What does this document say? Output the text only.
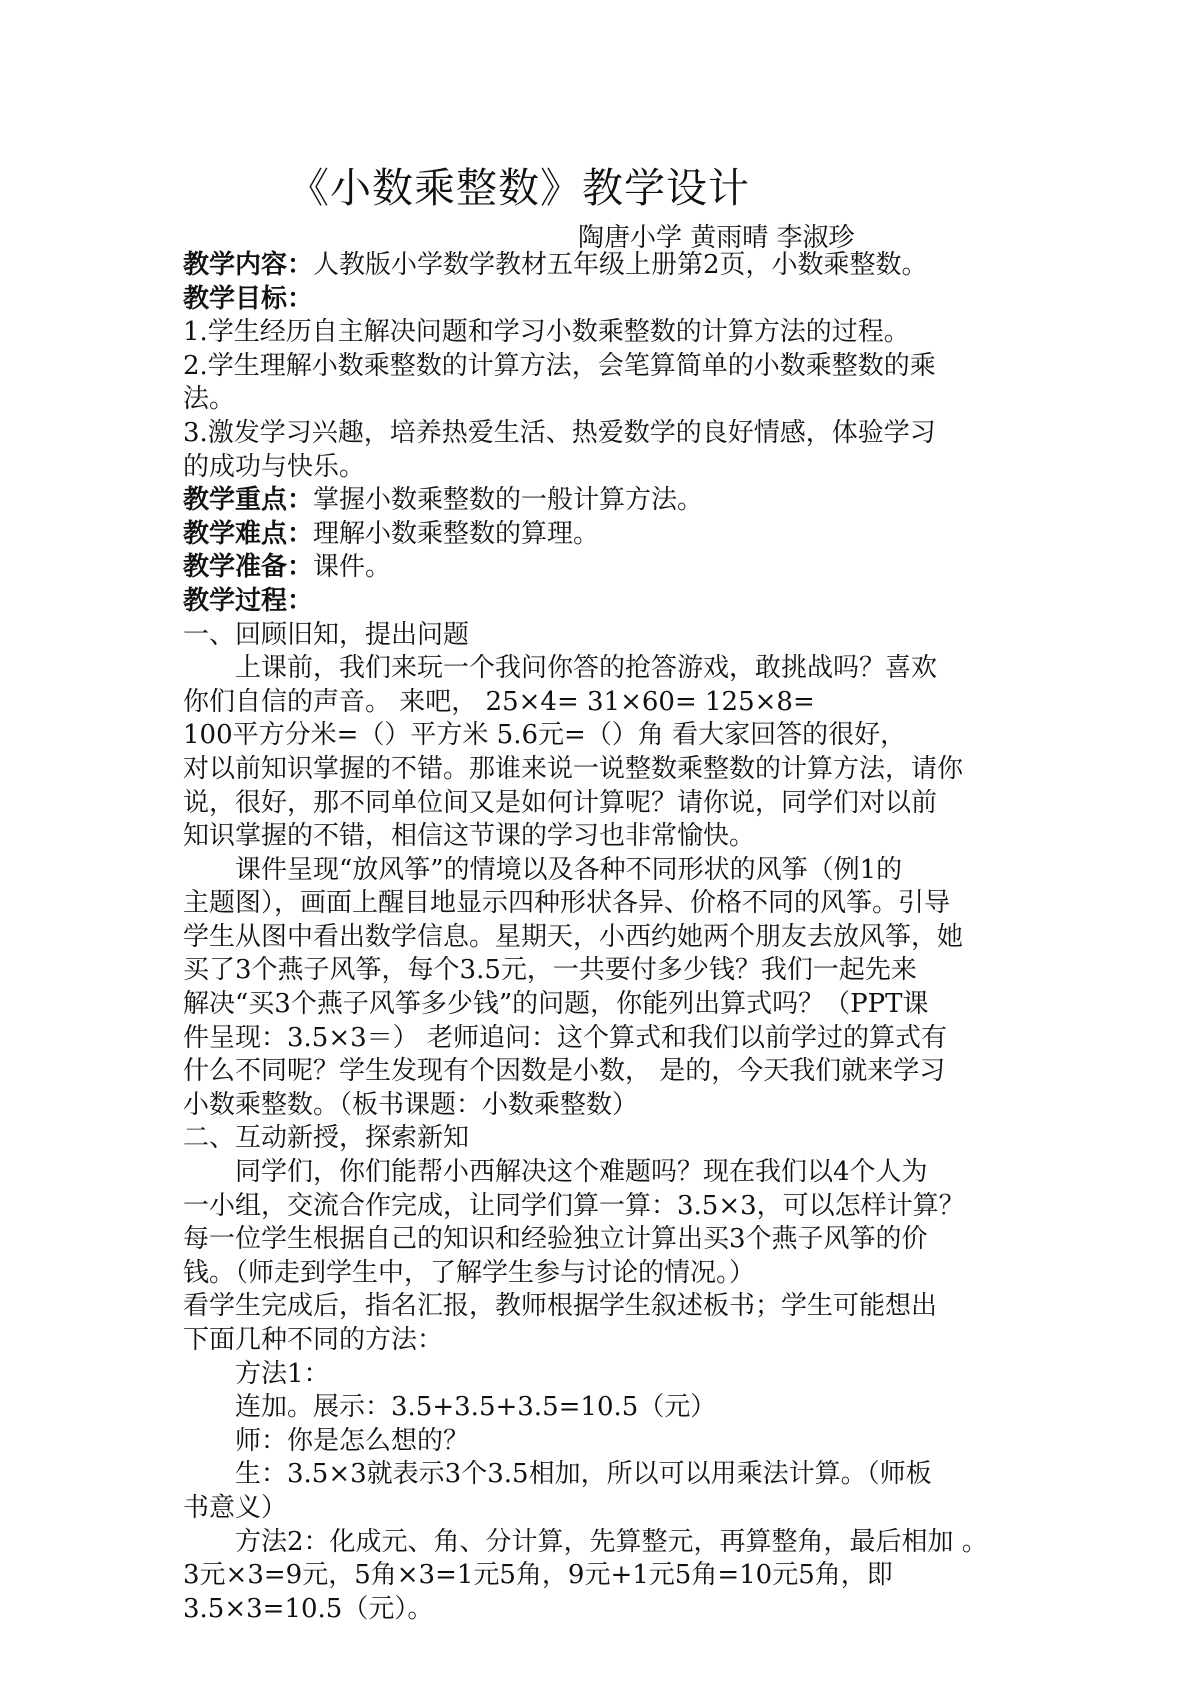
《小数乘整数》教学设计
陶唐小学 黄雨晴 李淑珍

教学内容：人教版小学数学教材五年级上册第2页，小数乘整数。

教学目标：

1.学生经历自主解决问题和学习小数乘整数的计算方法的过程。

2.学生理解小数乘整数的计算方法，会笔算简单的小数乘整数的乘

法。

3.激发学习兴趣，培养热爱生活、热爱数学的良好情感，体验学习

的成功与快乐。

教学重点：掌握小数乘整数的一般计算方法。

教学难点：理解小数乘整数的算理。

教学准备：课件。

教学过程：

一、回顾旧知，提出问题

上课前，我们来玩一个我问你答的抢答游戏，敢挑战吗？喜欢

你们自信的声音。 来吧， 25×4= 31×60= 125×8=

100平方分米=（）平方米 5.6元=（）角 看大家回答的很好，

对以前知识掌握的不错。那谁来说一说整数乘整数的计算方法，请你

说，很好，那不同单位间又是如何计算呢？请你说，同学们对以前

知识掌握的不错，相信这节课的学习也非常愉快。

课件呈现“放风筝”的情境以及各种不同形状的风筝（例1的

主题图），画面上醒目地显示四种形状各异、价格不同的风筝。引导

学生从图中看出数学信息。星期天，小西约她两个朋友去放风筝，她

买了3个燕子风筝，每个3.5元，一共要付多少钱？我们一起先来

解决“买3个燕子风筝多少钱”的问题，你能列出算式吗？（PPT课

件呈现：3.5×3＝） 老师追问：这个算式和我们以前学过的算式有

什么不同呢？学生发现有个因数是小数， 是的，今天我们就来学习

小数乘整数。（板书课题：小数乘整数）

二、互动新授，探索新知

同学们，你们能帮小西解决这个难题吗？现在我们以4个人为

一小组，交流合作完成，让同学们算一算：3.5×3，可以怎样计算？

每一位学生根据自己的知识和经验独立计算出买3个燕子风筝的价

钱。（师走到学生中，了解学生参与讨论的情况。）

看学生完成后，指名汇报，教师根据学生叙述板书；学生可能想出

下面几种不同的方法：

方法1：

连加。展示：3.5+3.5+3.5=10.5（元）

师：你是怎么想的？

生：3.5×3就表示3个3.5相加，所以可以用乘法计算。（师板

书意义）

方法2：化成元、角、分计算，先算整元，再算整角，最后相加 。

3元×3=9元，5角×3=1元5角，9元+1元5角=10元5角，即

3.5×3=10.5（元）。
